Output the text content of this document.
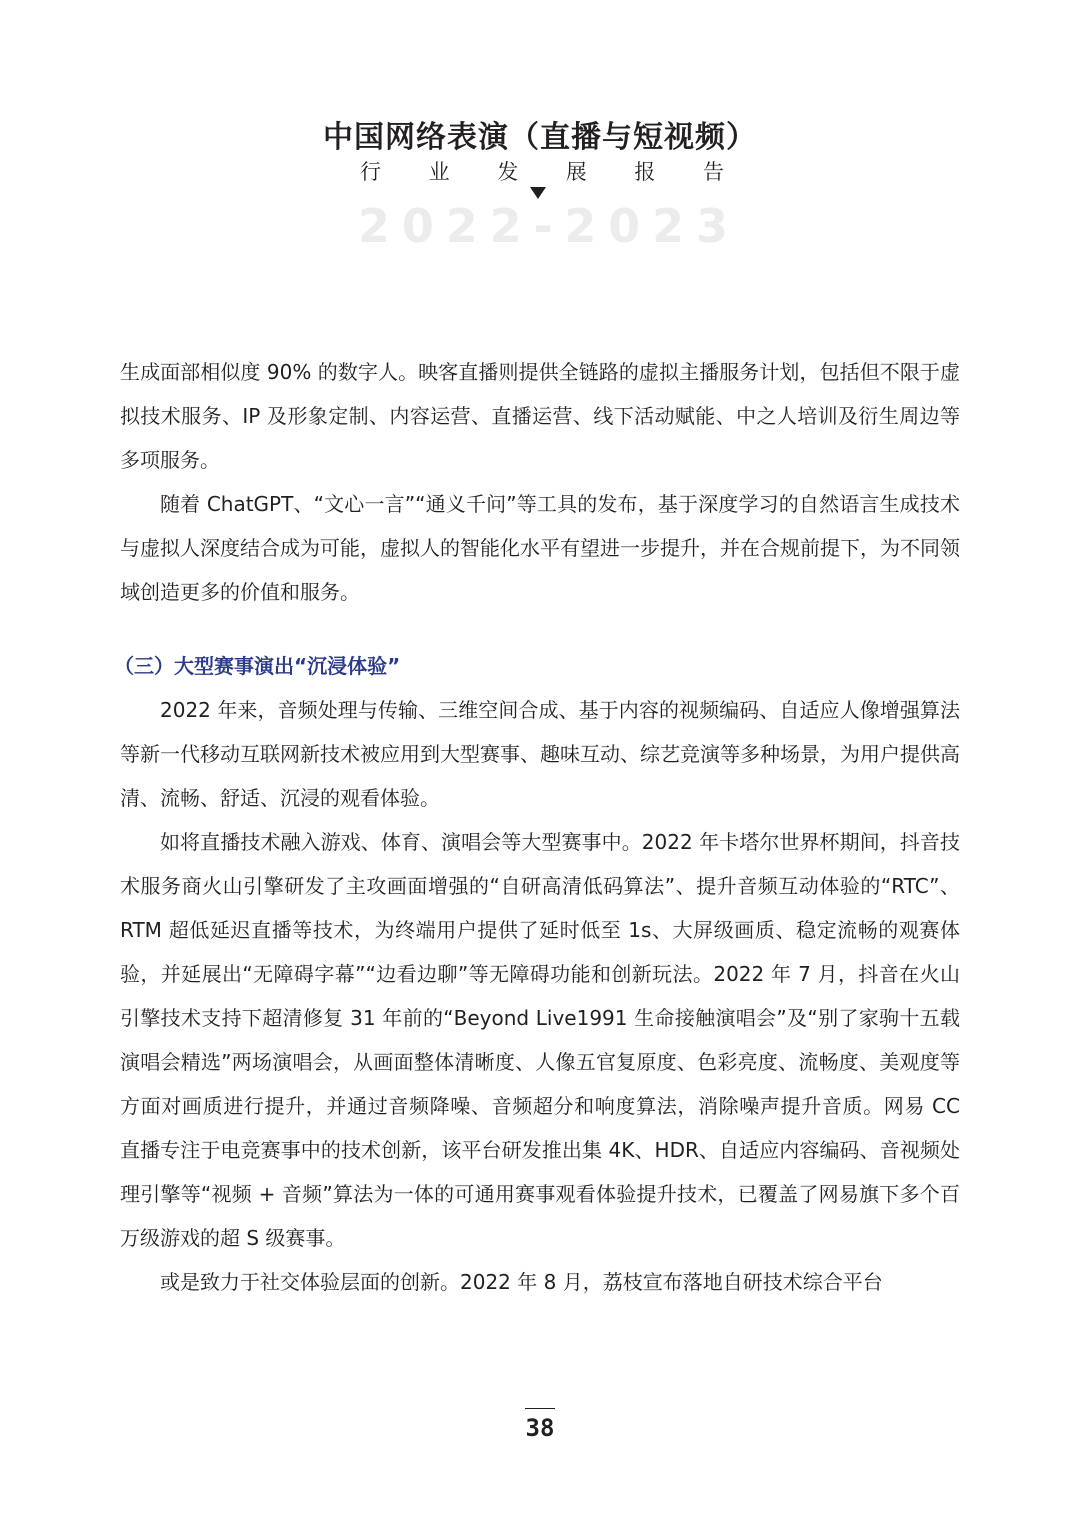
中国网络表演（直播与短视频）
行 业 发 展 报 告
2 0 2 2 - 2 0 2 3

生成面部相似度 90% 的数字人。映客直播则提供全链路的虚拟主播服务计划，包括但不限于虚拟技术服务、IP 及形象定制、内容运营、直播运营、线下活动赋能、中之人培训及衍生周边等多项服务。

随着 ChatGPT、“文心一言”“通义千问”等工具的发布，基于深度学习的自然语言生成技术与虚拟人深度结合成为可能，虚拟人的智能化水平有望进一步提升，并在合规前提下，为不同领域创造更多的价值和服务。

（三）大型赛事演出“沉浸体验”

2022 年来，音频处理与传输、三维空间合成、基于内容的视频编码、自适应人像增强算法等新一代移动互联网新技术被应用到大型赛事、趣味互动、综艺竞演等多种场景，为用户提供高清、流畅、舒适、沉浸的观看体验。

如将直播技术融入游戏、体育、演唱会等大型赛事中。2022 年卡塔尔世界杯期间，抖音技术服务商火山引擎研发了主攻画面增强的“自研高清低码算法”、提升音频互动体验的“RTC”、RTM 超低延迟直播等技术，为终端用户提供了延时低至 1s、大屏级画质、稳定流畅的观赛体验，并延展出“无障碍字幕”“边看边聊”等无障碍功能和创新玩法。2022 年 7 月，抖音在火山引擎技术支持下超清修复 31 年前的“Beyond Live1991 生命接触演唱会”及“别了家驹十五载演唱会精选”两场演唱会，从画面整体清晰度、人像五官复原度、色彩亮度、流畅度、美观度等方面对画质进行提升，并通过音频降噪、音频超分和响度算法，消除噪声提升音质。网易 CC 直播专注于电竞赛事中的技术创新，该平台研发推出集 4K、HDR、自适应内容编码、音视频处理引擎等“视频 + 音频”算法为一体的可通用赛事观看体验提升技术，已覆盖了网易旗下多个百万级游戏的超 S 级赛事。

或是致力于社交体验层面的创新。2022 年 8 月，荔枝宣布落地自研技术综合平台

38
